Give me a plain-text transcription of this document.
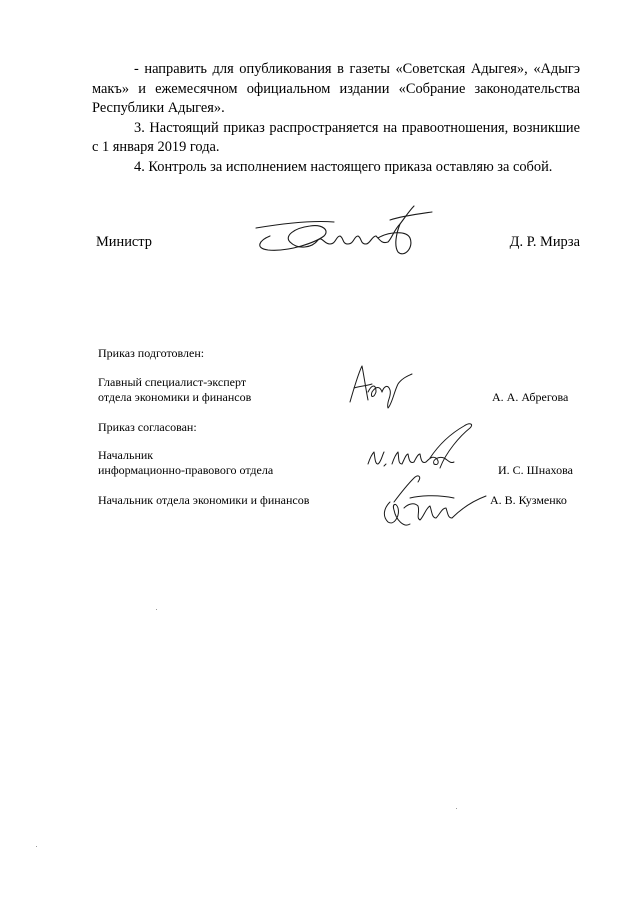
- направить для опубликования в газеты «Советская Адыгея», «Адыгэ макъ» и ежемесячном официальном издании «Собрание законодательства Республики Адыгея».

3. Настоящий приказ распространяется на правоотношения, возникшие с 1 января 2019 года.

4. Контроль за исполнением настоящего приказа оставляю за собой.

Министр	Д. Р. Мирза
Приказ подготовлен:
Главный специалист-эксперт
отдела экономики и финансов	А. А. Абрегова
Приказ согласован:
Начальник
информационно-правового отдела	И. С. Шнахова
Начальник отдела экономики и финансов	А. В. Кузменко
